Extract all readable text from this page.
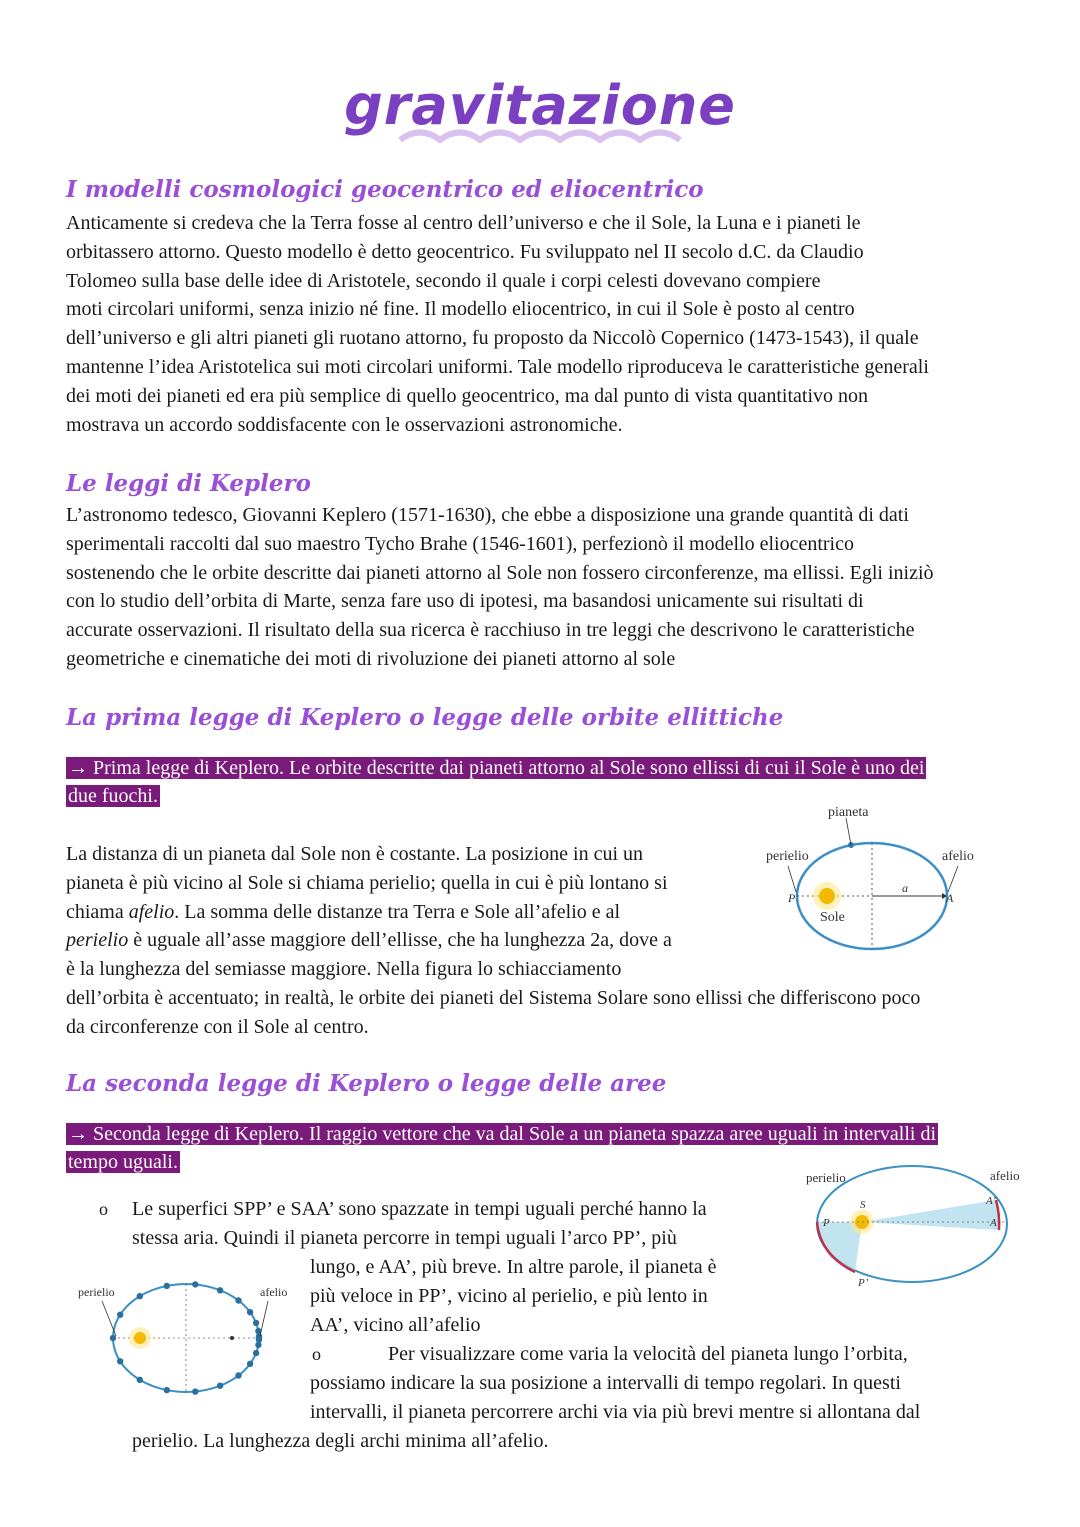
gravitazione
I modelli cosmologici geocentrico ed eliocentrico
Anticamente si credeva che la Terra fosse al centro dell’universo e che il Sole, la Luna e i pianeti le
orbitassero attorno. Questo modello è detto geocentrico. Fu sviluppato nel II secolo d.C. da Claudio
Tolomeo sulla base delle idee di Aristotele, secondo il quale i corpi celesti dovevano compiere
moti circolari uniformi, senza inizio né fine. Il modello eliocentrico, in cui il Sole è posto al centro
dell’universo e gli altri pianeti gli ruotano attorno, fu proposto da Niccolò Copernico (1473-1543), il quale
mantenne l’idea Aristotelica sui moti circolari uniformi. Tale modello riproduceva le caratteristiche generali
dei moti dei pianeti ed era più semplice di quello geocentrico, ma dal punto di vista quantitativo non
mostrava un accordo soddisfacente con le osservazioni astronomiche.
Le leggi di Keplero
L’astronomo tedesco, Giovanni Keplero (1571-1630), che ebbe a disposizione una grande quantità di dati
sperimentali raccolti dal suo maestro Tycho Brahe (1546-1601), perfezionò il modello eliocentrico
sostenendo che le orbite descritte dai pianeti attorno al Sole non fossero circonferenze, ma ellissi. Egli iniziò
con lo studio dell’orbita di Marte, senza fare uso di ipotesi, ma basandosi unicamente sui risultati di
accurate osservazioni. Il risultato della sua ricerca è racchiuso in tre leggi che descrivono le caratteristiche
geometriche e cinematiche dei moti di rivoluzione dei pianeti attorno al sole
La prima legge di Keplero o legge delle orbite ellittiche
→ Prima legge di Keplero. Le orbite descritte dai pianeti attorno al Sole sono ellissi di cui il Sole è uno dei
due fuochi.
La distanza di un pianeta dal Sole non è costante. La posizione in cui un
pianeta è più vicino al Sole si chiama perielio; quella in cui è più lontano si
chiama afelio. La somma delle distanze tra Terra e Sole all’afelio e al
perielio è uguale all’asse maggiore dell’ellisse, che ha lunghezza 2a, dove a
è la lunghezza del semiasse maggiore. Nella figura lo schiacciamento
dell’orbita è accentuato; in realtà, le orbite dei pianeti del Sistema Solare sono ellissi che differiscono poco
da circonferenze con il Sole al centro.
pianeta
perielio	afelio
P	A
a
Sole
La seconda legge di Keplero o legge delle aree
→ Seconda legge di Keplero. Il raggio vettore che va dal Sole a un pianeta spazza aree uguali in intervalli di
tempo uguali.
o Le superfici SPP’ e SAA’ sono spazzate in tempi uguali perché hanno la
stessa aria. Quindi il pianeta percorre in tempi uguali l’arco PP’, più
lungo, e AA’, più breve. In altre parole, il pianeta è
più veloce in PP’, vicino al perielio, e più lento in
AA’, vicino all’afelio
o	Per visualizzare come varia la velocità del pianeta lungo l’orbita,
possiamo indicare la sua posizione a intervalli di tempo regolari. In questi
intervalli, il pianeta percorrere archi via via più brevi mentre si allontana dal
perielio. La lunghezza degli archi minima all’afelio.
perielio	afelio
S
P
P’
A
A’
perielio	afelio
